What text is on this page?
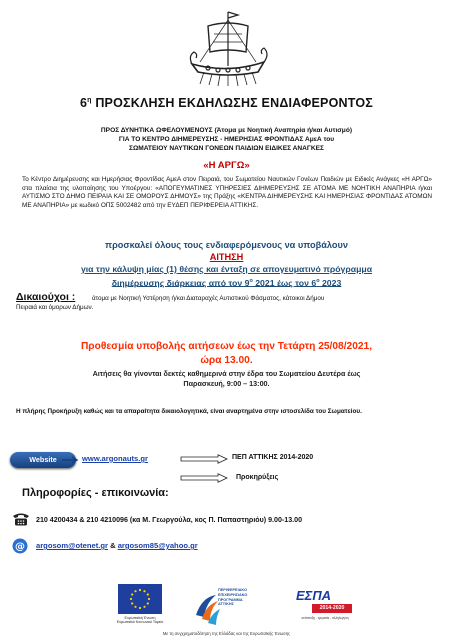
$6^\eta$ ΠΡΟΣΚΛΗΣΗ ΕΚΔΗΛΩΣΗΣ ΕΝΔΙΑΦΕΡΟΝΤΟΣ
ΠΡΟΣ ΔΥΝΗΤΙΚΑ ΩΦΕΛΟΥΜΕΝΟΥΣ (Άτομα με Νοητική Αναπηρία ή/και Αυτισμό)
ΓΙΑ ΤΟ ΚΕΝΤΡΟ ΔΙΗΜΕΡΕΥΣΗΣ - ΗΜΕΡΗΣΙΑΣ ΦΡΟΝΤΙΔΑΣ ΑμεΑ του
ΣΩΜΑΤΕΙΟΥ ΝΑΥΤΙΚΩΝ ΓΟΝΕΩΝ ΠΑΙΔΙΩΝ ΕΙΔΙΚΕΣ ΑΝΑΓΚΕΣ
«Η ΑΡΓΩ»
Το Κέντρο Διημέρευσης και Ημερήσιας Φροντίδας ΑμεΑ στον Πειραιά, του Σωματείου Ναυτικών Γονέων Παιδιών με Ειδικές Ανάγκες «Η ΑΡΓΩ» στα πλαίσια της υλοποίησης του Υποέργου: «ΑΠΟΓΕΥΜΑΤΙΝΕΣ ΥΠΗΡΕΣΙΕΣ ΔΙΗΜΕΡΕΥΣΗΣ ΣΕ ΑΤΟΜΑ ΜΕ ΝΟΗΤΙΚΗ ΑΝΑΠΗΡΙΑ ή/και ΑΥΤΙΣΜΟ ΣΤΟ ΔΗΜΟ ΠΕΙΡΑΙΑ ΚΑΙ ΣΕ ΟΜΟΡΟΥΣ ΔΗΜΟΥΣ» της Πράξης «ΚΕΝΤΡΑ ΔΙΗΜΕΡΕΥΣΗΣ ΚΑΙ ΗΜΕΡΗΣΙΑΣ ΦΡΟΝΤΙΔΑΣ ΑΤΟΜΩΝ ΜΕ ΑΝΑΠΗΡΙΑ» με κωδικό ΟΠΣ 5002482 από την ΕΥΔΕΠ ΠΕΡΙΦΕΡΕΙΑ ΑΤΤΙΚΗΣ.
προσκαλεί όλους τους ενδιαφερόμενους να υποβάλουν
ΑΙΤΗΣΗ
για την κάλυψη μίας (1) θέσης και ένταξη σε απογευματινό πρόγραμμα
διημέρευσης διάρκειας από τον $9^o$ 2021 έως τον $6^o$ 2023
Δικαιούχοι :	άτομα με Νοητική Υστέρηση ή/και Διαταραχές Αυτιστικού Φάσματος, κάτοικοι Δήμου
Πειραιά και όμορων Δήμων.
Προθεσμία υποβολής αιτήσεων έως την Τετάρτη 25/08/2021,
ώρα 13.00.
Αιτήσεις θα γίνονται δεκτές καθημερινά στην έδρα του Σωματείου Δευτέρα έως
Παρασκευή, 9:00 – 13:00.
Η πλήρης Προκήρυξη καθώς και τα απαραίτητα δικαιολογητικά, είναι αναρτημένα στην ιστοσελίδα του Σωματείου.
Website	www.argonauts.gr	ΠΕΠ ΑΤΤΙΚΗΣ 2014-2020
Προκηρύξεις
Πληροφορίες - επικοινωνία:
210 4200434 & 210 4210096 (κα Μ. Γεωργούλα, κος Π. Παπαστηριόυ) 9.00-13.00
@ argosom@otenet.gr & argosom85@yahoo.gr
Ευρωπαϊκή Ένωση
Ευρωπαϊκό Κοινωνικό Ταμείο
ΠΕΡΙΦΕΡΕΙΑΚΟ
ΕΠΙΧΕΙΡΗΣΙΑΚΟ
ΠΡΟΓΡΑΜΜΑ
ΑΤΤΙΚΗΣ
ΕΣΠΑ
2014-2020
ανάπτυξη - εργασία - αλληλεγγύη
Με τη συγχρηματοδότηση της Ελλάδας και της Ευρωπαϊκής Ένωσης
